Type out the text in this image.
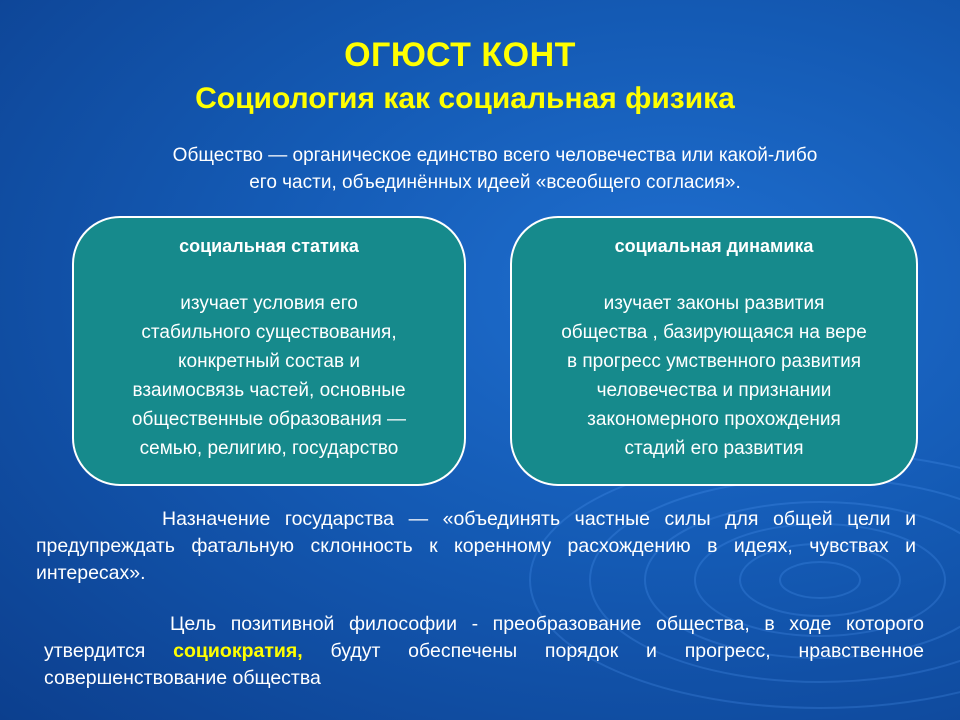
ОГЮСТ КОНТ
Социология как социальная физика
Общество — органическое единство всего человечества или какой-либо
его части, объединённых идеей «всеобщего согласия».
социальная статика
изучает условия его
стабильного существования,
конкретный состав и
взаимосвязь частей, основные
общественные образования —
семью, религию, государство
социальная динамика
изучает законы развития
общества , базирующаяся на вере
в прогресс умственного развития
человечества и признании
закономерного прохождения
стадий его развития
Назначение государства — «объединять частные силы для общей цели и предупреждать фатальную склонность к коренному расхождению в идеях, чувствах и интересах».
Цель позитивной философии - преобразование общества, в ходе которого утвердится социократия, будут обеспечены порядок и прогресс, нравственное совершенствование общества
